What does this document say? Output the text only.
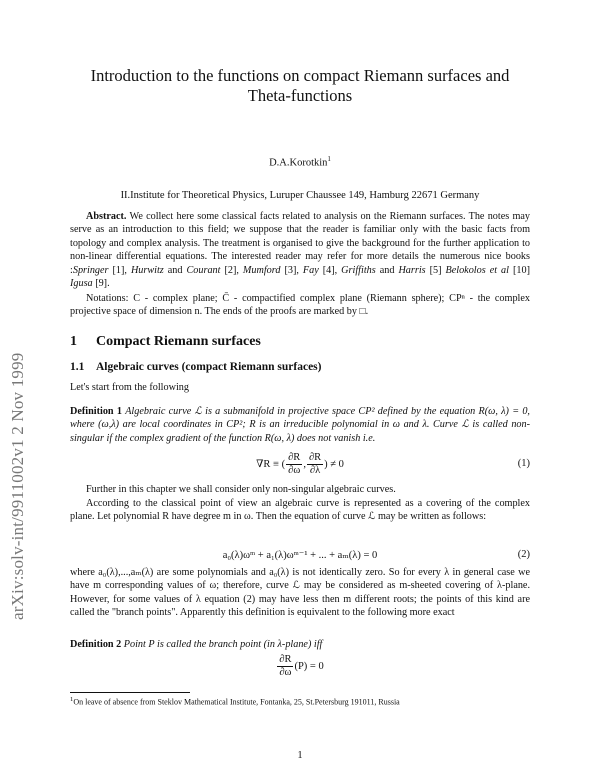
arXiv:solv-int/9911002v1 2 Nov 1999
Introduction to the functions on compact Riemann surfaces and
Theta-functions
D.A.Korotkin$^1$
II.Institute for Theoretical Physics, Luruper Chaussee 149, Hamburg 22671 Germany
Abstract. We collect here some classical facts related to analysis on the Riemann surfaces. The notes may serve as an introduction to this field; we suppose that the reader is familiar only with the basic facts from topology and complex analysis. The treatment is organised to give the background for the further application to non-linear differential equations. The interested reader may refer for more details the numerous nice books :Springer [1], Hurwitz and Courant [2], Mumford [3], Fay [4], Griffiths and Harris [5] Belokolos et al [10] Igusa [9].
Notations: C - complex plane; C̄ - compactified complex plane (Riemann sphere); CPⁿ - the complex projective space of dimension n. The ends of the proofs are marked by □.
1 Compact Riemann surfaces
1.1 Algebraic curves (compact Riemann surfaces)
Let's start from the following
Definition 1 Algebraic curve ℒ is a submanifold in projective space CP² defined by the equation R(ω, λ) = 0, where (ω,λ) are local coordinates in CP²; R is an irreducible polynomial in ω and λ. Curve ℒ is called non-singular if the complex gradient of the function R(ω, λ) does not vanish i.e.
∇R ≡ ( $\frac{\partial R}{\partial\omega}$ , $\frac{\partial R}{\partial\lambda}$ ) ≠ 0	(1)
Further in this chapter we shall consider only non-singular algebraic curves.
According to the classical point of view an algebraic curve is represented as a covering of the complex plane. Let polynomial R have degree m in ω. Then the equation of curve ℒ may be written as follows:
a₀(λ)ωᵐ + a₁(λ)ωᵐ⁻¹ + ... + aₘ(λ) = 0	(2)
where a₀(λ),...,aₘ(λ) are some polynomials and a₀(λ) is not identically zero. So for every λ in general case we have m corresponding values of ω; therefore, curve ℒ may be considered as m-sheeted covering of λ-plane. However, for some values of λ equation (2) may have less then m different roots; the points of this kind are called the "branch points". Apparently this definition is equivalent to the following more exact
Definition 2 Point P is called the branch point (in λ-plane) iff
$\frac{\partial R}{\partial\omega} (P) = 0$
$^1$On leave of absence from Steklov Mathematical Institute, Fontanka, 25, St.Petersburg 191011, Russia
1
